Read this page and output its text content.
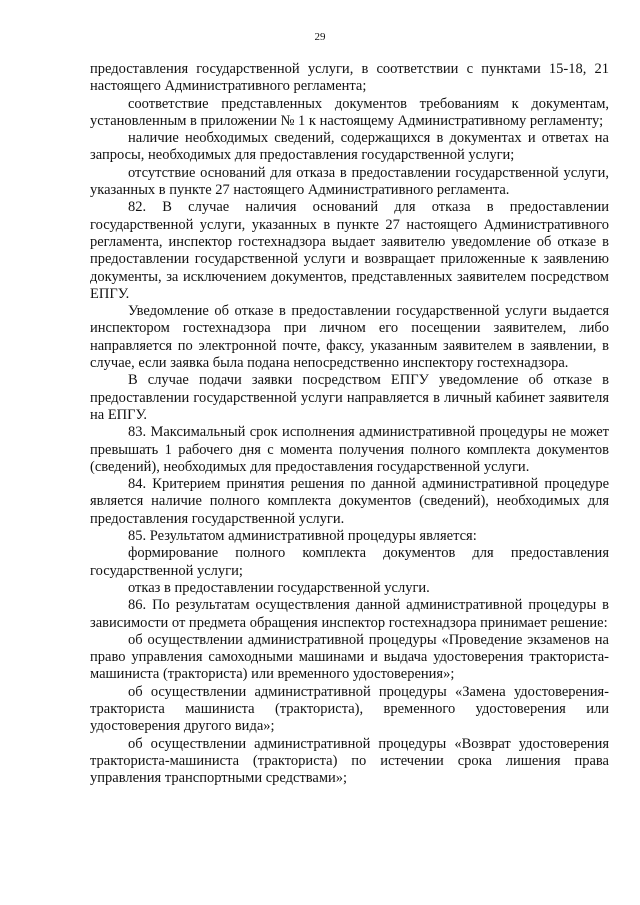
29

предоставления государственной услуги, в соответствии с пунктами 15-18, 21 настоящего Административного регламента;

соответствие представленных документов требованиям к документам, установленным в приложении № 1 к настоящему Административному регламенту;

наличие необходимых сведений, содержащихся в документах и ответах на запросы, необходимых для предоставления государственной услуги;

отсутствие оснований для отказа в предоставлении государственной услуги, указанных в пункте 27 настоящего Административного регламента.

82. В случае наличия оснований для отказа в предоставлении государственной услуги, указанных в пункте 27 настоящего Административного регламента, инспектор гостехнадзора выдает заявителю уведомление об отказе в предоставлении государственной услуги и возвращает приложенные к заявлению документы, за исключением документов, представленных заявителем посредством ЕПГУ.

Уведомление об отказе в предоставлении государственной услуги выдается инспектором гостехнадзора при личном его посещении заявителем, либо направляется по электронной почте, факсу, указанным заявителем в заявлении, в случае, если заявка была подана непосредственно инспектору гостехнадзора.

В случае подачи заявки посредством ЕПГУ уведомление об отказе в предоставлении государственной услуги направляется в личный кабинет заявителя на ЕПГУ.

83. Максимальный срок исполнения административной процедуры не может превышать 1 рабочего дня с момента получения полного комплекта документов (сведений), необходимых для предоставления государственной услуги.

84. Критерием принятия решения по данной административной процедуре является наличие полного комплекта документов (сведений), необходимых для предоставления государственной услуги.

85. Результатом административной процедуры является:

формирование полного комплекта документов для предоставления государственной услуги;

отказ в предоставлении государственной услуги.

86. По результатам осуществления данной административной процедуры в зависимости от предмета обращения инспектор гостехнадзора принимает решение:

об осуществлении административной процедуры «Проведение экзаменов на право управления самоходными машинами и выдача удостоверения тракториста-машиниста (тракториста) или временного удостоверения»;

об осуществлении административной процедуры «Замена удостоверения-тракториста машиниста (тракториста), временного удостоверения или удостоверения другого вида»;

об осуществлении административной процедуры «Возврат удостоверения тракториста-машиниста (тракториста) по истечении срока лишения права управления транспортными средствами»;
